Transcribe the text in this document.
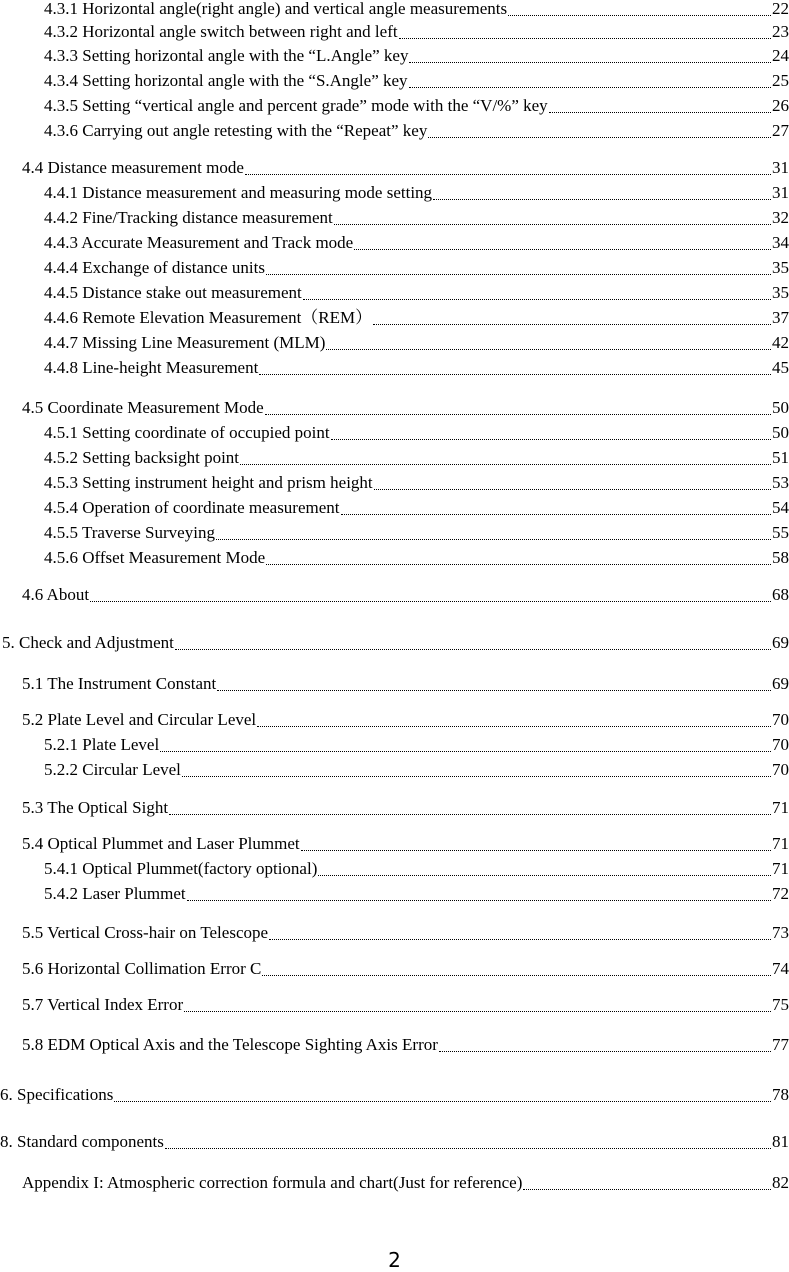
4.3.1 Horizontal angle(right angle) and vertical angle measurements	22
4.3.2 Horizontal angle switch between right and left	23
4.3.3 Setting horizontal angle with the “L.Angle” key	24
4.3.4 Setting horizontal angle with the “S.Angle” key	25
4.3.5 Setting “vertical angle and percent grade” mode with the “V/%” key	26
4.3.6 Carrying out angle retesting with the “Repeat” key	27
4.4 Distance measurement mode	31
4.4.1 Distance measurement and measuring mode setting	31
4.4.2 Fine/Tracking distance measurement	32
4.4.3 Accurate Measurement and Track mode	34
4.4.4 Exchange of distance units	35
4.4.5 Distance stake out measurement	35
4.4.6 Remote Elevation Measurement（REM）	37
4.4.7 Missing Line Measurement (MLM)	42
4.4.8 Line-height Measurement	45
4.5 Coordinate Measurement Mode	50
4.5.1 Setting coordinate of occupied point	50
4.5.2 Setting backsight point	51
4.5.3 Setting instrument height and prism height	53
4.5.4 Operation of coordinate measurement	54
4.5.5 Traverse Surveying	55
4.5.6 Offset Measurement Mode	58
4.6 About	68
5. Check and Adjustment	69
5.1 The Instrument Constant	69
5.2 Plate Level and Circular Level	70
5.2.1 Plate Level	70
5.2.2 Circular Level	70
5.3 The Optical Sight	71
5.4 Optical Plummet and Laser Plummet	71
5.4.1 Optical Plummet(factory optional)	71
5.4.2 Laser Plummet	72
5.5 Vertical Cross-hair on Telescope	73
5.6 Horizontal Collimation Error C	74
5.7 Vertical Index Error	75
5.8 EDM Optical Axis and the Telescope Sighting Axis Error	77
6. Specifications	78
8. Standard components	81
Appendix I: Atmospheric correction formula and chart(Just for reference)	82
2
